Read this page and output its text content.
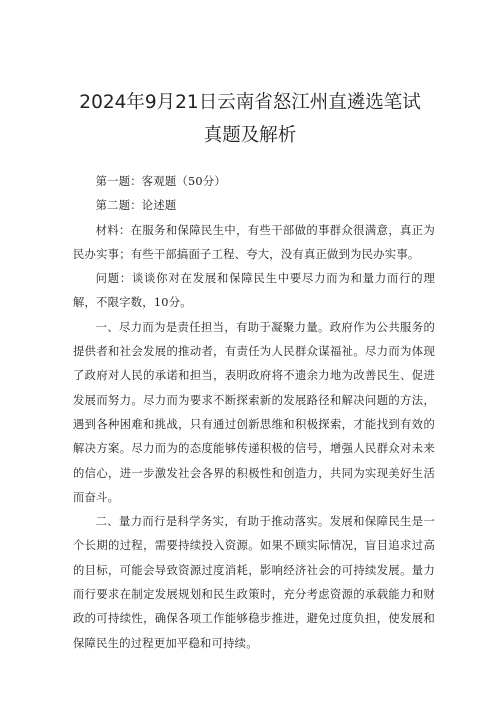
2024年9月21日云南省怒江州直遴选笔试
真题及解析

第一题：客观题（50分）

第二题：论述题

材料：在服务和保障民生中，有些干部做的事群众很满意，真正为民办实事；有些干部搞面子工程、夸大，没有真正做到为民办实事。

问题：谈谈你对在发展和保障民生中要尽力而为和量力而行的理解，不限字数，10分。

一、尽力而为是责任担当，有助于凝聚力量。政府作为公共服务的提供者和社会发展的推动者，有责任为人民群众谋福祉。尽力而为体现了政府对人民的承诺和担当，表明政府将不遗余力地为改善民生、促进发展而努力。尽力而为要求不断探索新的发展路径和解决问题的方法，遇到各种困难和挑战，只有通过创新思维和积极探索，才能找到有效的解决方案。尽力而为的态度能够传递积极的信号，增强人民群众对未来的信心，进一步激发社会各界的积极性和创造力，共同为实现美好生活而奋斗。

二、量力而行是科学务实，有助于推动落实。发展和保障民生是一个长期的过程，需要持续投入资源。如果不顾实际情况，盲目追求过高的目标，可能会导致资源过度消耗，影响经济社会的可持续发展。量力而行要求在制定发展规划和民生政策时，充分考虑资源的承载能力和财政的可持续性，确保各项工作能够稳步推进，避免过度负担，使发展和保障民生的过程更加平稳和可持续。
